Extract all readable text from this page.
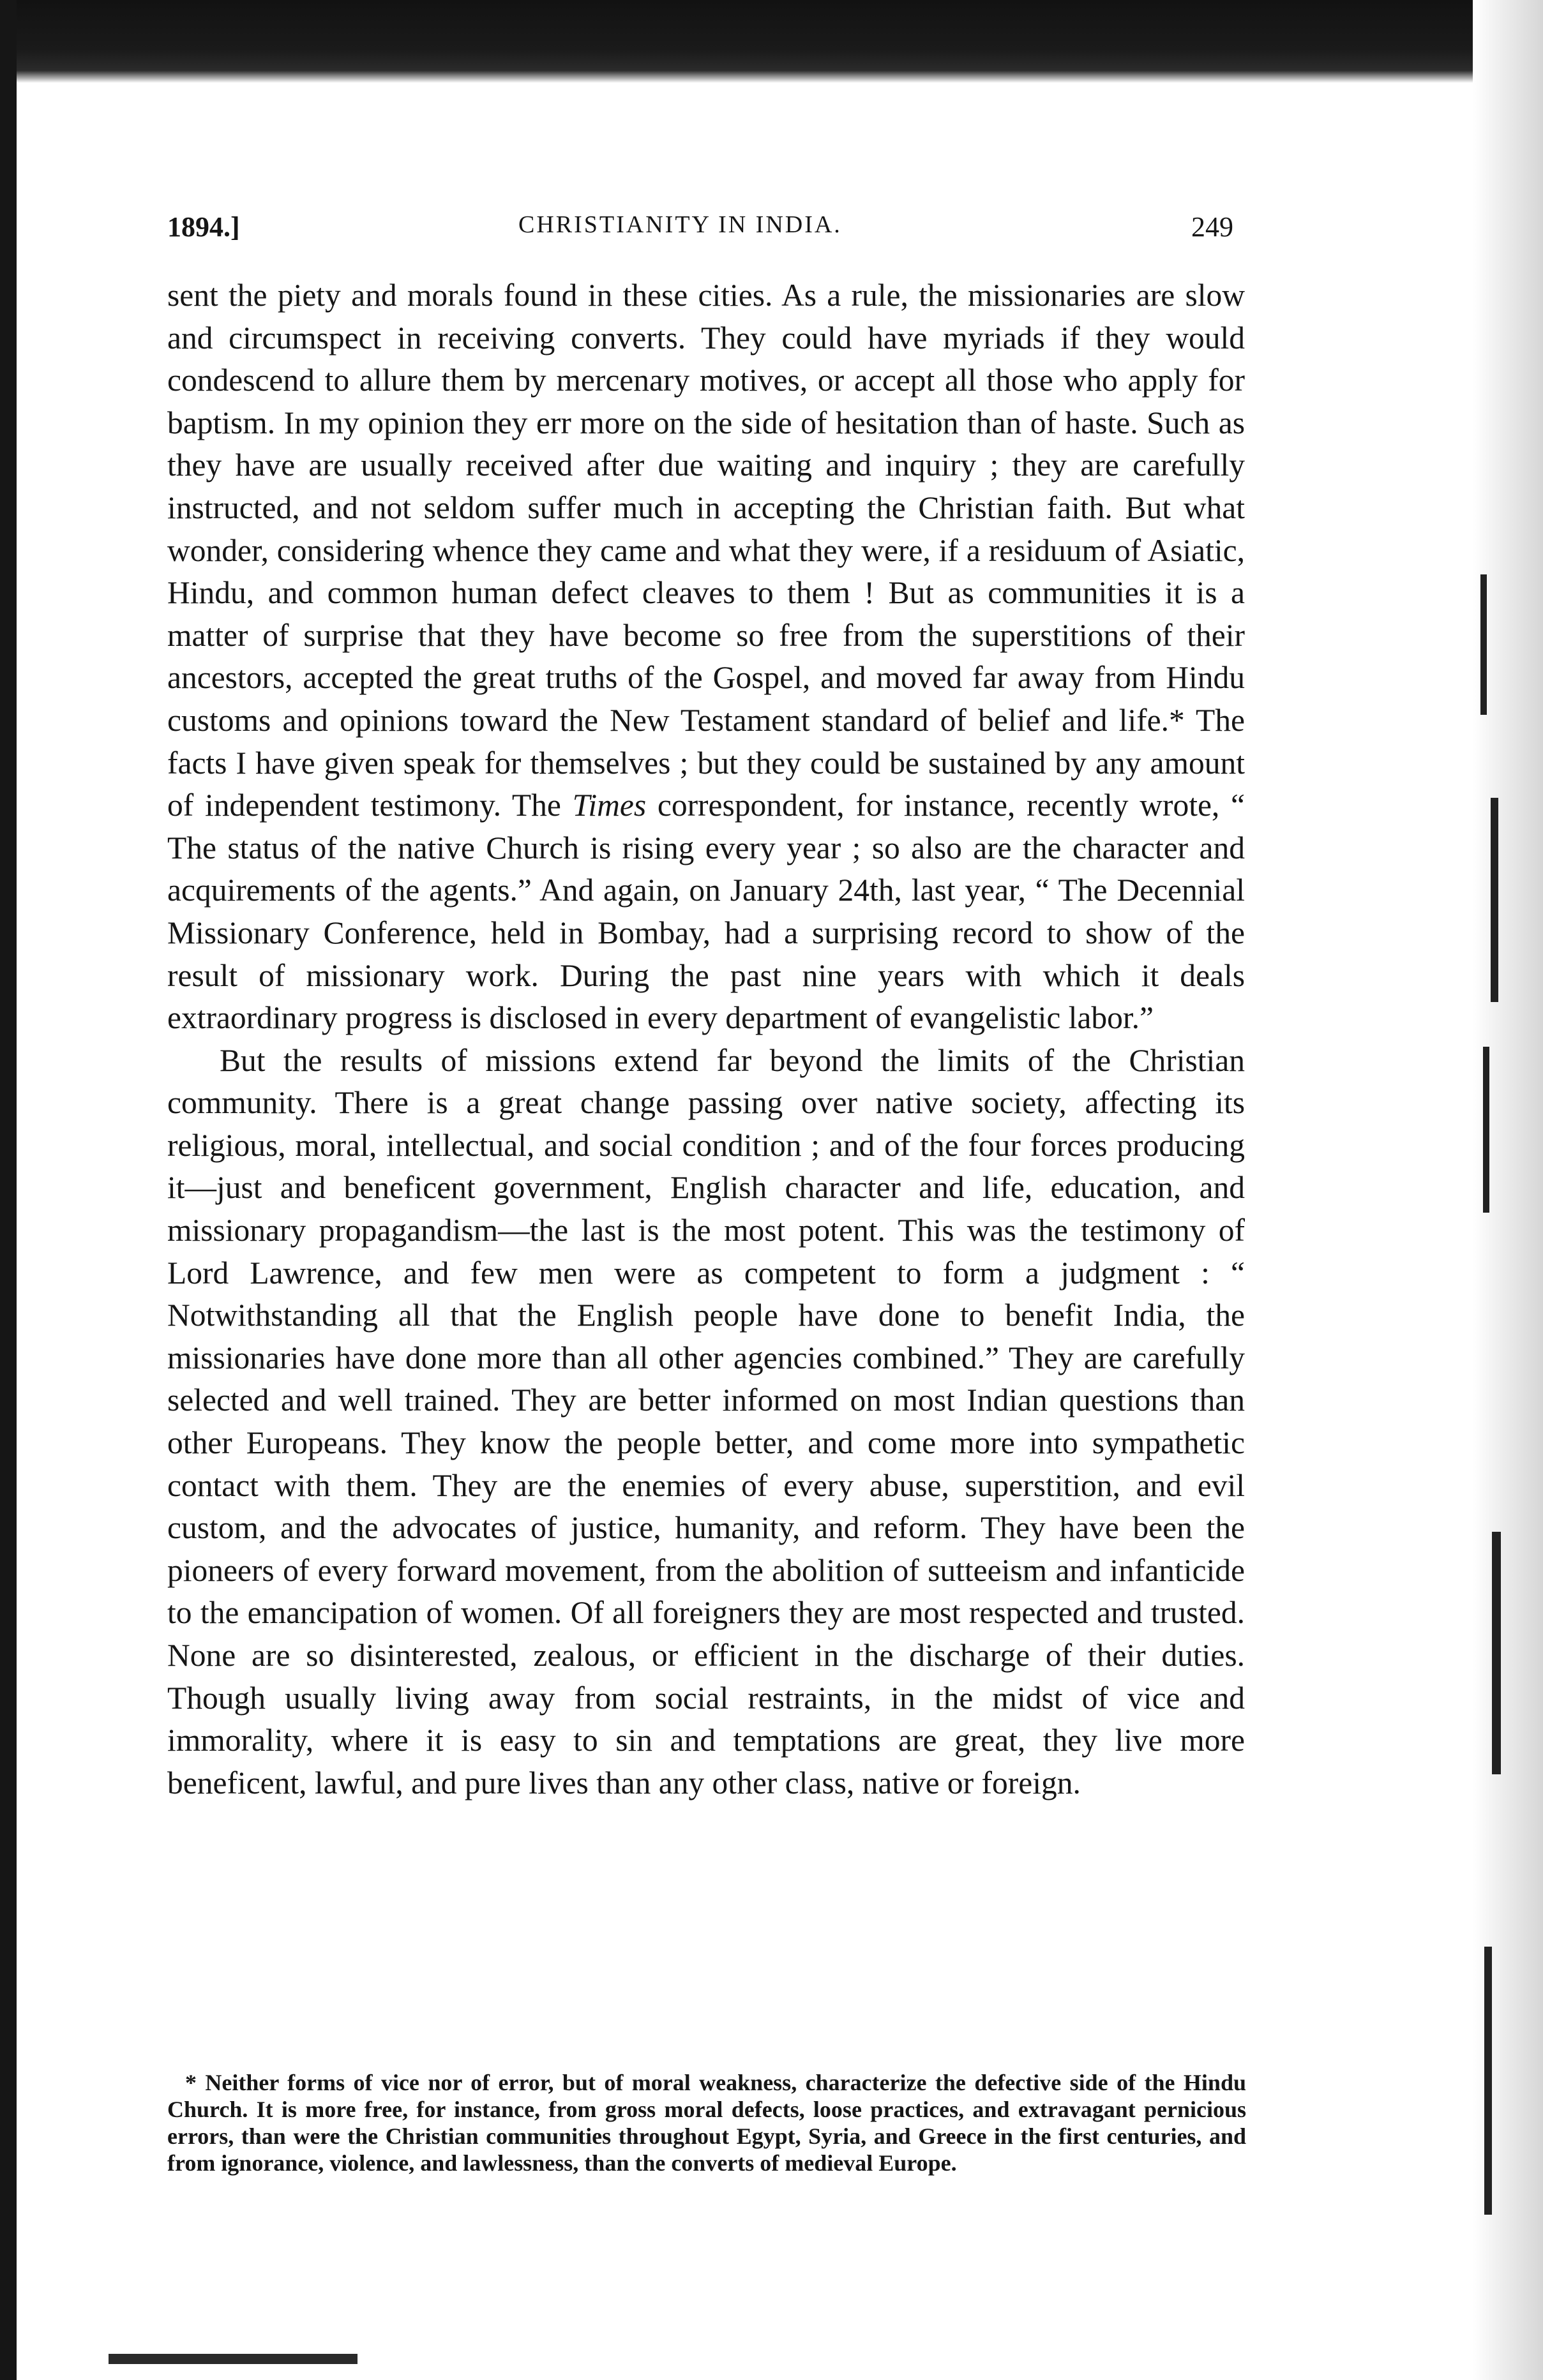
1894.]	CHRISTIANITY IN INDIA.	249

sent the piety and morals found in these cities. As a rule, the missionaries are slow and circumspect in receiving converts. They could have myriads if they would condescend to allure them by mercenary motives, or accept all those who apply for baptism. In my opinion they err more on the side of hesitation than of haste. Such as they have are usually received after due waiting and inquiry ; they are carefully instructed, and not seldom suffer much in accepting the Christian faith. But what wonder, considering whence they came and what they were, if a residuum of Asiatic, Hindu, and common human defect cleaves to them ! But as communities it is a matter of surprise that they have become so free from the superstitions of their ancestors, accepted the great truths of the Gospel, and moved far away from Hindu customs and opinions toward the New Testament standard of belief and life.* The facts I have given speak for themselves ; but they could be sustained by any amount of independent testimony. The Times correspondent, for instance, recently wrote, “ The status of the native Church is rising every year ; so also are the character and acquirements of the agents.” And again, on January 24th, last year, “ The Decennial Missionary Conference, held in Bombay, had a surprising record to show of the result of missionary work. During the past nine years with which it deals extraordinary progress is disclosed in every department of evangelistic labor.”

But the results of missions extend far beyond the limits of the Christian community. There is a great change passing over native society, affecting its religious, moral, intellectual, and social condition ; and of the four forces producing it—just and beneficent government, English character and life, education, and missionary propagandism—the last is the most potent. This was the testimony of Lord Lawrence, and few men were as competent to form a judgment : “ Notwithstanding all that the English people have done to benefit India, the missionaries have done more than all other agencies combined.” They are carefully selected and well trained. They are better informed on most Indian questions than other Europeans. They know the people better, and come more into sympathetic contact with them. They are the enemies of every abuse, superstition, and evil custom, and the advocates of justice, humanity, and reform. They have been the pioneers of every forward movement, from the abolition of sutteeism and infanticide to the emancipation of women. Of all foreigners they are most respected and trusted. None are so disinterested, zealous, or efficient in the discharge of their duties. Though usually living away from social restraints, in the midst of vice and immorality, where it is easy to sin and temptations are great, they live more beneficent, lawful, and pure lives than any other class, native or foreign.

* Neither forms of vice nor of error, but of moral weakness, characterize the defective side of the Hindu Church. It is more free, for instance, from gross moral defects, loose practices, and extravagant pernicious errors, than were the Christian communities throughout Egypt, Syria, and Greece in the first centuries, and from ignorance, violence, and lawlessness, than the converts of medieval Europe.
